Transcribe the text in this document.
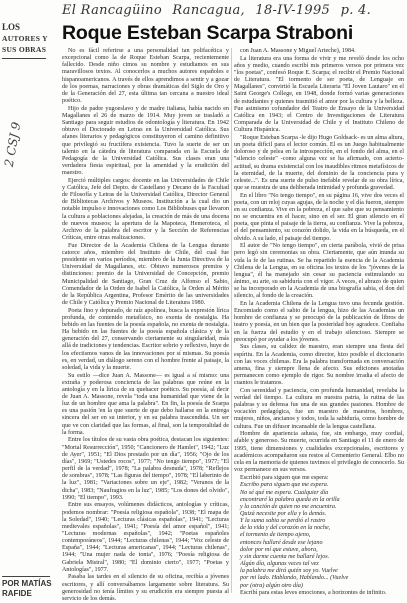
El Rancagüino Rancagua, 18-IV-1995 p. 4.
LOS
AUTORES Y SUS OBRAS
Roque Esteban Scarpa Straboni
2 CSJ 9

No es fácil referirse a una personalidad tan polifacética y excepcional como la de Roque Esteban Scarpa, recientemente fallecido. Desde niño cimos su nombre y estudiamos en sus maravillosos textos. Al conocerlos a muchos autores españoles e hispanoamericanos. A través de ellos aprendimos a sentir y a gozar de los poemas, narraciones y obras dramáticas del Siglo de Oro y de la Generación del 27, esta última tan cercana a nuestro ideal poético.

Hijo de padre yugoeslavo y de madre italiana, había nacido en Magallanes el 26 de marzo de 1914. Muy joven se trasladó a Santiago para seguir estudios de odontología y literatura. En 1942 obtuvo el Doctorado en Letras en la Universidad Católica. Sus afanes literarios y pedagógicos constituyeron el camino definitivo que privilegió su fructífera existencia. Tuvo la suerte de ser un talento en la cátedra de literatura comparada en la Escuela de Pedagogía de la Universidad Católica. Sus clases eran una verdadera fiesta espiritual, por la amenidad y la erudición del maestro.

Ejerció múltiples cargos: docente en las Universidades de Chile y Católica, Jefe del Depto. de Castellano y Decano de la Facultad de Filosofía y Letras de la Universidad Católica, Director General de Bibliotecas Archivos y Museos. Institución a la cual dio un notable impulso e innovaciones como Los Bibliobuses que llevaron la cultura a poblaciones alejadas, la creación de más de una docena de nuevos museos; la apertura de la Mapoteca, Hemeroteca, el Archivo de la palabra del escritor y la Sección de Referencias Críticas, entre otras realizaciones.

Fue Director de la Academia Chilena de la Lengua durante catorce años, miembro del Instituto de Chile, del cual fue presidente en varios períodos, miembro de la Junta Directiva de la Universidad de Magallanes, etc. Obtuvo numerosos premios y distinciones: premio de la Universidad de Concepción, premio Municipalidad de Santiago, Gran Cruz de Alfonso el Sabio, Comendador de la Orden de Isabel la Católica, la Orden al Mérito de la República Argentina, Profesor Emérito de las universidades de Chile y Católica y Premio Nacional de Literatura 1980.

Poeta fino y depurado, de raíz apolínea, busca la expresión lírica profunda, de contenido metafísico, no exenta de nostalgia. Ha bebido en las fuentes de la poesía española, no exenta de nostalgia. Ha bebido en las fuentes de la poesía española clásica y de la generación del 27, conservando ciertamente su singularidad, más allá de tradiciones y tendencias. Escritor sobrio y reflexivo, huye de los efectismos vanos de las innovaciones por sí mismas. Su poesía es, en verdad, un diálogo sereno con el hombre frente al paisaje, la soledad, la vida y la muerte.

Su estilo —dice Juan A. Massone— es igual a sí mismo: una extraña y poderosa conciencia de las palabras que reúne en la antología y en la lírica de su quehacer poético. Su poesía, al decir de Juan A. Massone, revela "toda una humanidad que viene de la luz de un hombre que ama la palabra". En fin, la poesía de Scarpa es una pasión 'en la que suerte de que debo hallarse en la entrega sincera del ser en su interior, y en su palabra trascendida. Un ser que ve con claridad que las formas, al final, son la temporalidad de la forma.

Entre los títulos de su vasta obra poética, destacan los siguientes: "Mortal Resurrección", 1950; "Cancionero de Hamlet", 1942; "Luz de Ayer", 1951; "El Dios prestado por un día", 1956; "Ojo de los días", 1969; "Ustedes rocos", 1977; "No tengo tiempo", 1977; "El perfil de la verdad", 1978; "La palabra desnuda", 1978; "Reflejos de sombras", 1978; "Las figuras del tiempo", 1978; "El laberinto de la luz", 1981; "Variaciones sobre un eje", 1982; "Veranos de la dicha", 1983; "Naufragios en la luz", 1985; "Los dones del olvido", 1990; "El tiempo", 1993.

Entre sus ensayos, volúmenes didácticos, antologías y críticas, podemos nombrar: "Poesía religiosa española", 1938; "El mapa de la Soledad", 1940; "Lecturas clásicas españolas", 1941; "Lecturas medievales españolas", 1941; "Poesía del amor español", 1941; "Lecturas modernas españolas", 1942; "Poetas españoles contemporáneos", 1944; "Lecturas chilenas", 1944; "Voz celeste de España", 1944; "Lecturas americanas", 1944; "Lecturas chilenas", 1944; "Una mujer nada de tonta", 1976; "Poesía religiosa de Gabriela Mistral", 1980; "El dominio cierto", 1977; "Poetas y Antologías", 1977.

Pasaba las tardes en el silencio de su oficina, recibía a jóvenes escritores, y allí conversábamos largamente sobre literatura. Su generosidad no tenía límites y su erudición era siempre puesta al servicio de los demás.

con Juan A. Massone y Miguel Arteche), 1984.

La literatura era una forma de vivir y me reveló desde los ocho años y medio, cuando escribí mis primeros versos por primera vez "los poetas", confesó Roque E. Scarpa; el recibir el Premio Nacional de Literatura. "El tormento de ser poeta, de Lenguaje en Magallanes", convirtió la Escuela Literaria "El Joven Lautaro" en el Saint George's College, en 1948, donde formó varias generaciones de estudiantes y quienes trasmitió el amor por la cultura y la belleza. Fue asimismo cofundador del Teatro de Ensayo de la Universidad Católica en 1943; el Centro de Investigaciones de Literatura Comparada de la Universidad de Chile y el Instituto Chileno de Cultura Hispánica.

"Roque Esteban Scarpa -le dijo Hugo Goldsack- es un alma altura, un poeta difícil para el lector común. El es un Juego habitualmente doloroso y de pelea en la introspección, en el fondo del alma, en el "silencio celeste" -como alguna vez se ha afirmado, con acierto- actitud, su drama existencial con los inaudibles ritmos metafísicos de la eternidad, de la muerte, del dominio de la conciencia pura y celeste...". Es una suerte de pulso inefable revelar de su obra lírica, que se muestra de una deliberada intimidad y profunda gravedad.

En el libro "No tengo tiempo", en su página 16, vive dos veces el poeta, con un reloj cuyas agujas, de la noche y el día fueron, siempre en su confianza. Vive en la pobreza, el que sabe que su pensamiento no se encuentra en el hacer, sino en el ser. El gran silencio en el poeta, que pinta el paisaje de la tierra, su confianza. Vive la pobreza, el del pensamiento, su corazón dolido, la vida en la búsqueda, en el olvido. A su lado, el paisaje del tiempo.

El autor de "No tengo tiempo", en cierta parábola, vivió de prisa pero legó sin ceremonias su obra. Ciertamente, que aún inunda su vida la fe de las rutinas. Se ha repartido la esencia de la Academia Chilena de la Lengua, en su oficina los textos de los "jóvenes de la lengua", él ha manejado sin cesar su paciencia estimulando su ánimo, su arte, su sabiduría con el vigor. A veces, el abrazo de quien se ha incorporado en la Academia de una biografía sabia, el don del silencio, al fondo de la creación.

En la Academia Chilena de la Lengua tuvo una fecunda gestión. Encomiado como el sabio de la lengua, hizo de las Academias un hombre de confianza y se preocupó de la publicación de libros de teatro y poesía, en un bien que la posteridad hoy agradece. Confiaba en la fuerza del estudio y en el trabajo silencioso. Siempre se preocupó por ayudar a los jóvenes.

Sus clases, su calidez de maestro, eran siempre una fiesta del espíritu. En la Academia, como director, hizo posible el diccionario con las voces chilenas. Era la palabra transformada en conversación amena, fina y siempre llena de afecto. Sus ediciones anotadas permanecen como ejemplo de rigor. Su nombre irradia el afecto de cuantos le tratamos.

Con serenidad y paciencia, con profunda humanidad, revelaba la verdad del tiempo. La cultura en nuestra patria, la rutina de las palabras y su defensa fue una de sus grandes pasiones. Hombre de vocación pedagógica, fue un maestro de maestros, hombres, mujeres, niños, ancianos y todos, toda la sabiduría, como hombre de cultura. Fue un difusor incansable de la lengua castellana.

Hombre de apariencia adusta, fue, sin embargo, muy cordial, afable y generoso. Su muerte, ocurrida en Santiago el 11 de enero de 1995, tiene dimensiones y cualidades excepcionales, escritores y académicos acompañaron sus restos al Cementerio General. Elbo no cela en la memoria de quienes tuvimos el privilegio de conocerlo. Su voz permanece en sus versos.

Escribió para siguen que me espera:

Escribo para siguen que me espera.
No sé qué me espera. Cualquier día
encontraré la palabra queda en la orilla
y la canción de quien no me encuentra.
Quizá necesite por ella y lo demás.
Y la suma sabia se perdió el rastro
de la vida y del corazón en la noche,
el tormento de tiempo ajeno,
entonces hallaré desde ese lejano
dolor por mí que estuve, ahora,
y sin darme cuenta me hallaré lejos.
Algún día, algunas veces tal vez
la palabra me dirá quién soy yo. Vuelve
por mi lado. Hablando, Hablando... (Vuelve
por (otra) algún otro día)

Escribí para estas leves emociones, a horizontes de infinito.

POR MATÍAS
RAFIDE
